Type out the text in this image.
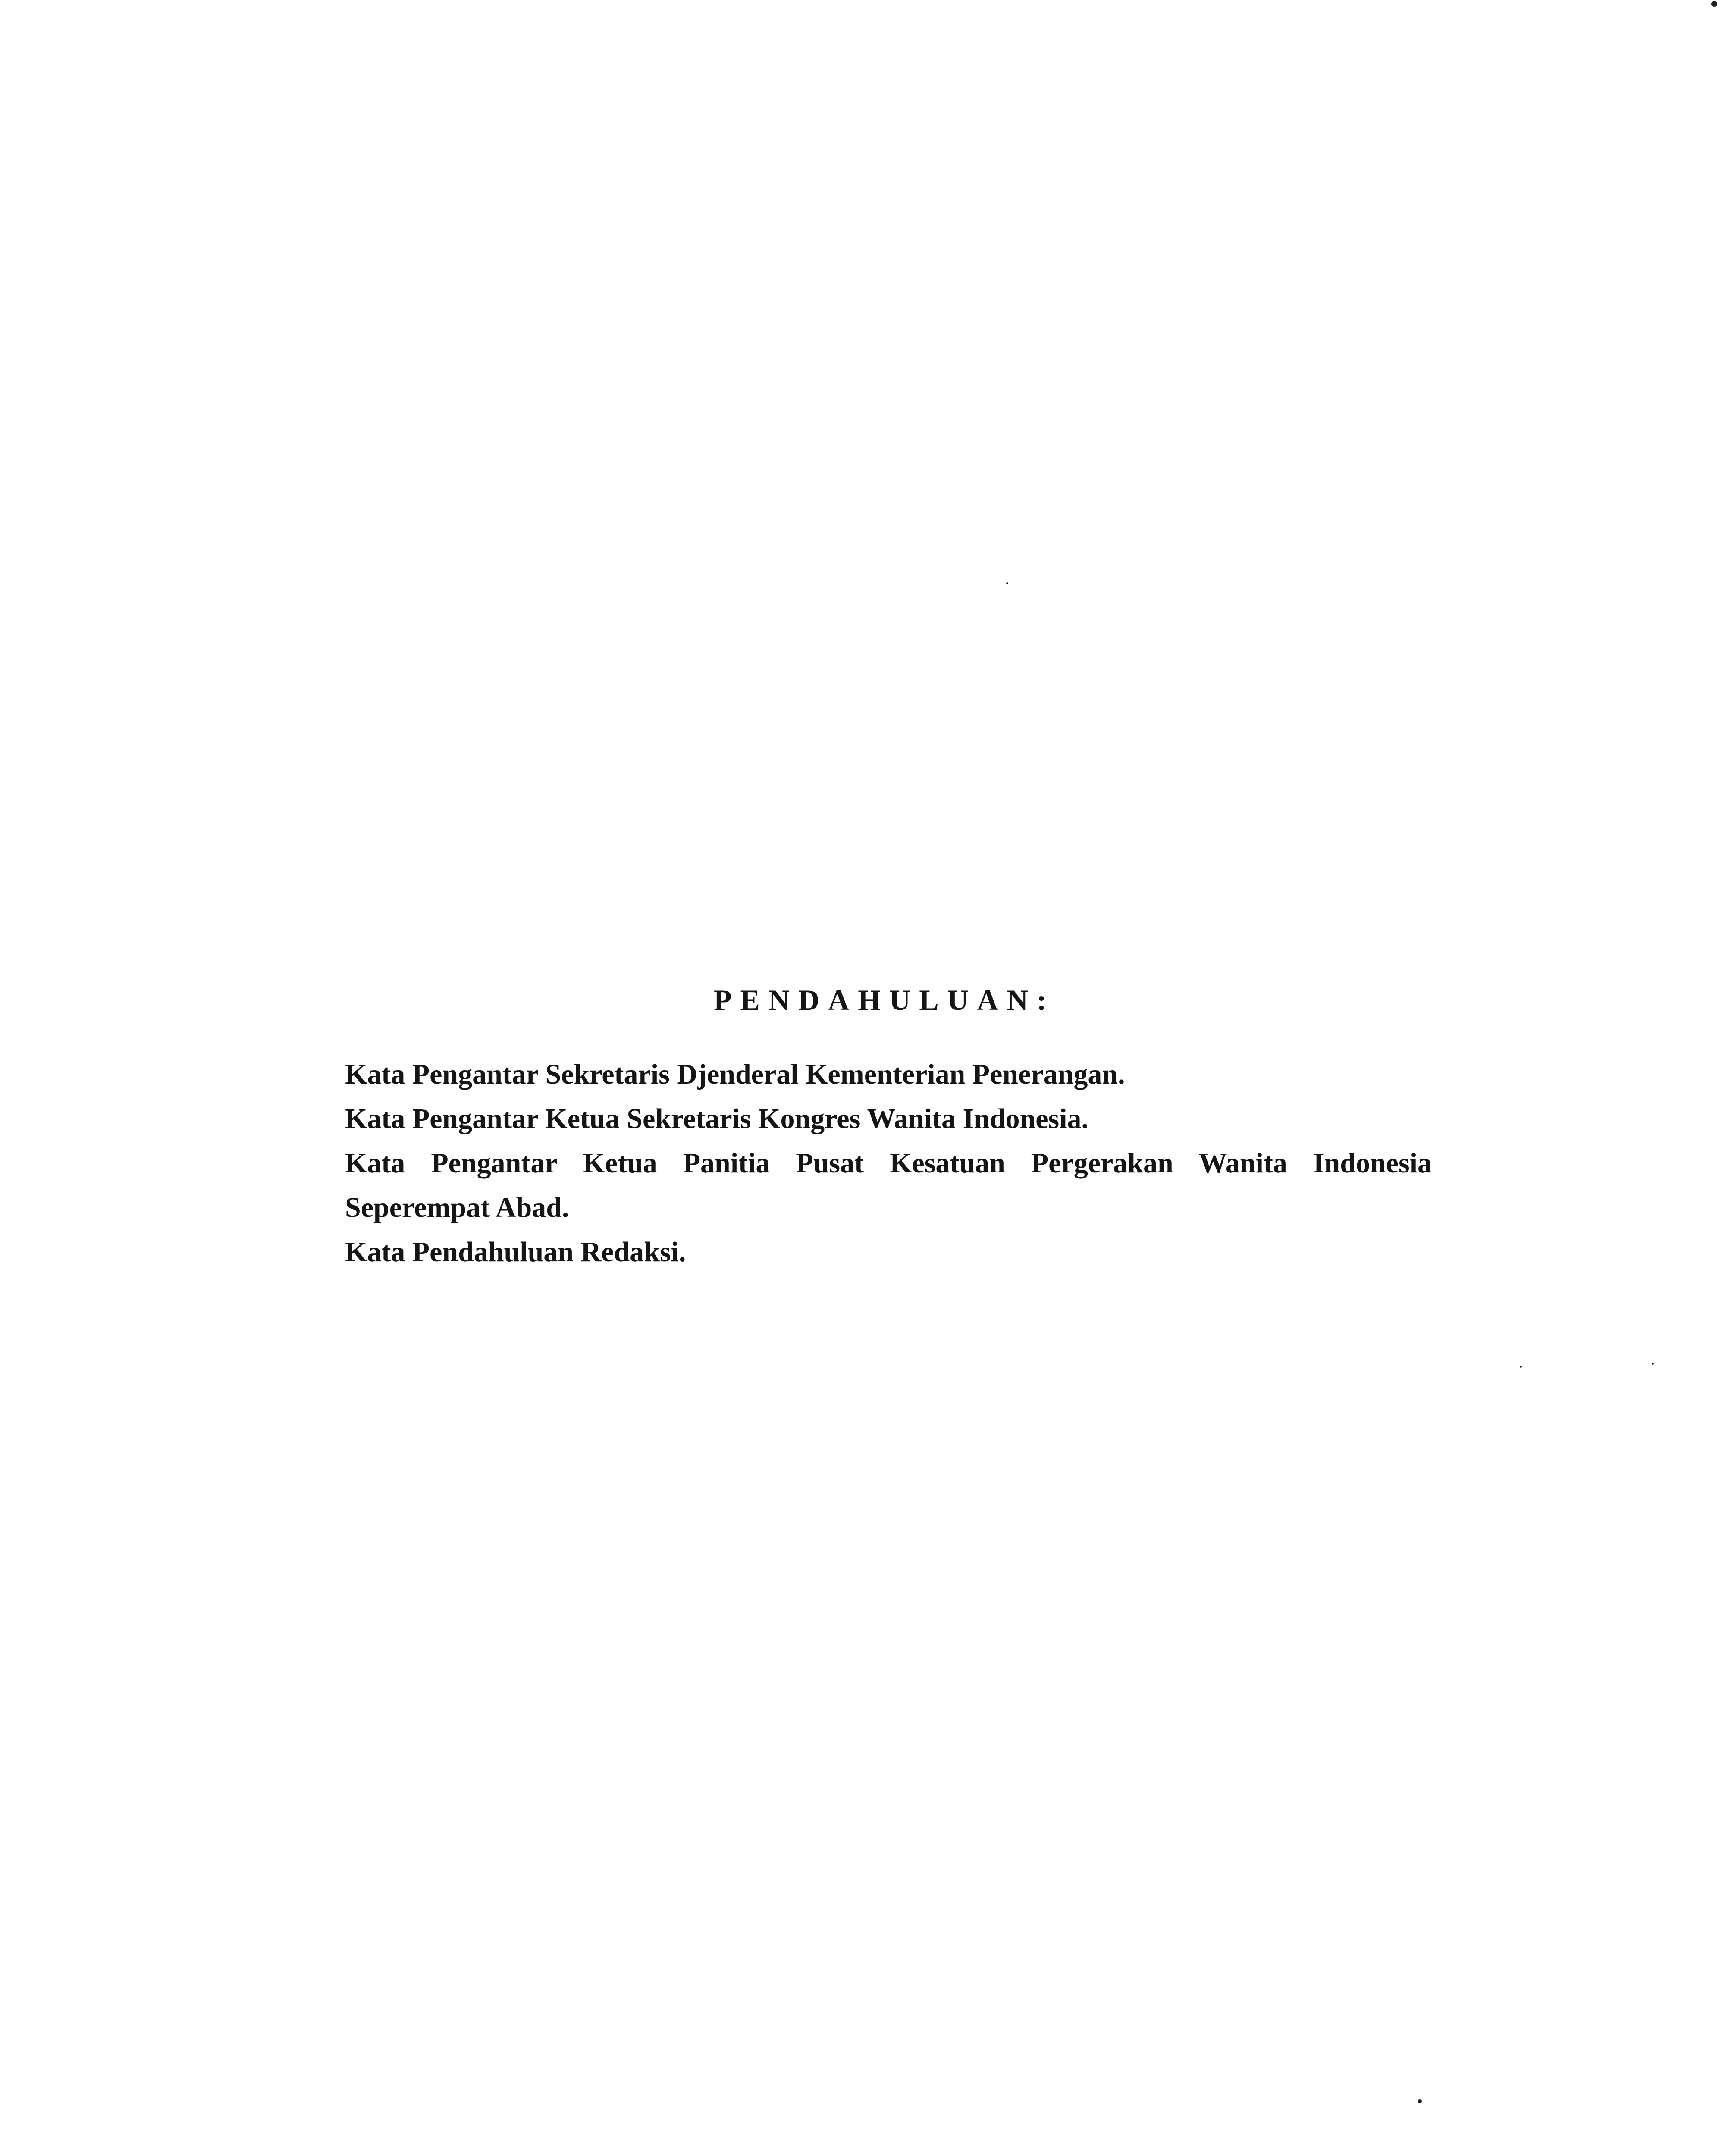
PENDAHULUAN:
Kata Pengantar Sekretaris Djenderal Kementerian Penerangan.
Kata Pengantar Ketua Sekretaris Kongres Wanita Indonesia.
Kata Pengantar Ketua Panitia Pusat Kesatuan Pergerakan Wanita Indonesia Seperempat Abad.
Kata Pendahuluan Redaksi.
